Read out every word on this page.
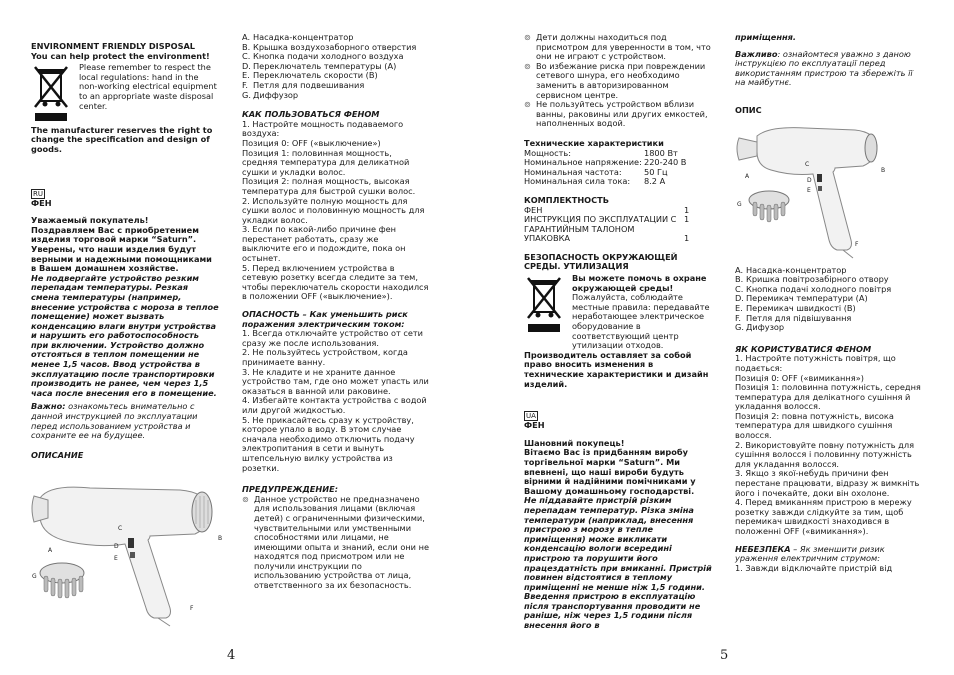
ENVIRONMENT FRIENDLY DISPOSAL
You can help protect the environment!
Please remember to respect the local regulations: hand in the non-working electrical equipment to an appropriate waste disposal center.
The manufacturer reserves the right to change the specification and design of goods.
RU
ФЕН
Уважаемый покупатель!
Поздравляем Вас с приобретением изделия торговой марки “Saturn”. Уверены, что наши изделия будут верными и надежными помощниками в Вашем домашнем хозяйстве.
Не подвергайте устройство резким перепадам температуры. Резкая смена температуры (например, внесение устройства с мороза в теплое помещение) может вызвать конденсацию влаги внутри устройства и нарушить его работоспособность при включении. Устройство должно отстояться в теплом помещении не менее 1,5 часов. Ввод устройства в эксплуатацию после транспортировки производить не ранее, чем через 1,5 часа после внесения его в помещение.
Важно: ознакомьтесь внимательно с данной инструкцией по эксплуатации перед использованием устройства и сохраните ее на будущее.
ОПИСАНИЕ
A
B
C
D
E
F
G
4
A. Насадка-концентратор
B. Крышка воздухозаборного отверстия
C. Кнопка подачи холодного воздуха
D. Переключатель температуры (A)
E. Переключатель скорости (B)
F. Петля для подвешивания
G. Диффузор
КАК ПОЛЬЗОВАТЬСЯ ФЕНОМ
1. Настройте мощность подаваемого воздуха:
Позиция 0: OFF («выключение»)
Позиция 1: половинная мощность, средняя температура для деликатной сушки и укладки волос.
Позиция 2: полная мощность, высокая температура для быстрой сушки волос.
2. Используйте полную мощность для сушки волос и половинную мощность для укладки волос.
3. Если по какой-либо причине фен перестанет работать, сразу же выключите его и подождите, пока он остынет.
5. Перед включением устройства в сетевую розетку всегда следите за тем, чтобы переключатель скорости находился в положении OFF («выключение»).
ОПАСНОСТЬ – Как уменьшить риск поражения электрическим током:
1. Всегда отключайте устройство от сети сразу же после использования.
2. Не пользуйтесь устройством, когда принимаете ванну.
3. Не кладите и не храните данное устройство там, где оно может упасть или оказаться в ванной или раковине.
4. Избегайте контакта устройства с водой или другой жидкостью.
5. Не прикасайтесь сразу к устройству, которое упало в воду. В этом случае сначала необходимо отключить подачу электропитания в сети и вынуть штепсельную вилку устройства из розетки.
ПРЕДУПРЕЖДЕНИЕ:
⊚ Данное устройство не предназначено для использования лицами (включая детей) с ограниченными физическими, чувствительными или умственными способностями или лицами, не имеющими опыта и знаний, если они не находятся под присмотром или не получили инструкции по использованию устройства от лица, ответственного за их безопасность.
⊚ Дети должны находиться под присмотром для уверенности в том, что они не играют с устройством.
⊚ Во избежание риска при повреждении сетевого шнура, его необходимо заменить в авторизированном сервисном центре.
⊚ Не пользуйтесь устройством вблизи ванны, раковины или других емкостей, наполненных водой.
Технические характеристики
Мощность:	1800 Вт
Номинальное напряжение: 220-240 В
Номинальная частота:	50 Гц
Номинальная сила тока:	8.2 А
КОМПЛЕКТНОСТЬ
ФЕН	1
ИНСТРУКЦИЯ ПО ЭКСПЛУАТАЦИИ С ГАРАНТИЙНЫМ ТАЛОНОМ
1
УПАКОВКА	1
БЕЗОПАСНОСТЬ ОКРУЖАЮЩЕЙ СРЕДЫ. УТИЛИЗАЦИЯ
Вы можете помочь в охране окружающей среды!
Пожалуйста, соблюдайте местные правила: передавайте неработающее электрическое оборудование в соответствующий центр утилизации отходов.
Производитель оставляет за собой право вносить изменения в технические характеристики и дизайн изделий.
UA
ФЕН
Шановний покупець!
Вітаємо Вас із придбанням виробу торгівельної марки “Saturn”. Ми впевнені, що наші вироби будуть вірними й надійними помічниками у Вашому домашньому господарстві.
Не піддавайте пристрій різким перепадам температур. Різка зміна температури (наприклад, внесення пристрою з морозу в тепле приміщення) може викликати конденсацію вологи всередині пристрою та порушити його працездатність при вмиканні. Пристрій повинен відстоятися в теплому приміщенні не менше ніж 1,5 години. Введення пристрою в експлуатацію після транспортування проводити не раніше, ніж через 1,5 години після внесення його в
приміщення.
Важливо: ознайомтеся уважно з даною інструкцією по експлуатації перед використанням пристрою та збережіть її на майбутнє.
ОПИС
A
B
C
D
E
F
G
A. Насадка-концентратор
B. Кришка повітрозабірного отвору
C. Кнопка подачі холодного повітря
D. Перемикач температури (A)
E. Перемикач швидкості (B)
F. Петля для підвішування
G. Дифузор
ЯК КОРИСТУВАТИСЯ ФЕНОМ
1. Настройте потужність повітря, що подається:
Позиція 0: OFF («вимикання»)
Позиція 1: половинна потужність, середня температура для делікатного сушіння й укладання волосся.
Позиція 2: повна потужність, висока температура для швидкого сушіння волосся.
2. Використовуйте повну потужність для сушіння волосся і половинну потужність для укладання волосся.
3. Якщо з якої-небудь причини фен перестане працювати, відразу ж вимкніть його і почекайте, доки він охолоне.
4. Перед вмиканням пристрою в мережу розетку завжди слідкуйте за тим, щоб перемикач швидкості знаходився в положенні OFF («вимикання»).
НЕБЕЗПЕКА – Як зменшити ризик ураження електричним струмом:
1. Завжди відключайте пристрій від
5
